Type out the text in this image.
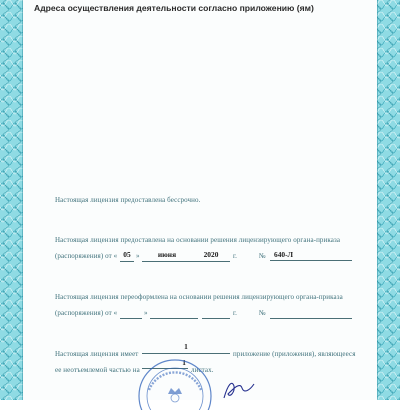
Адреса осуществления деятельности согласно приложению (ям)
Настоящая лицензия предоставлена бессрочно.
Настоящая лицензия предоставлена на основании решения лицензирующего органа-приказа
(распоряжения) от « 05 »	июня	2020	г.	№	640-Л
Настоящая лицензия переоформлена на основании решения лицензирующего органа-приказа
(распоряжения) от «	»	г.	№
Настоящая лицензия имеет
1
приложение (приложения), являющееся
ее неотъемлемой частью на
1
листах.
